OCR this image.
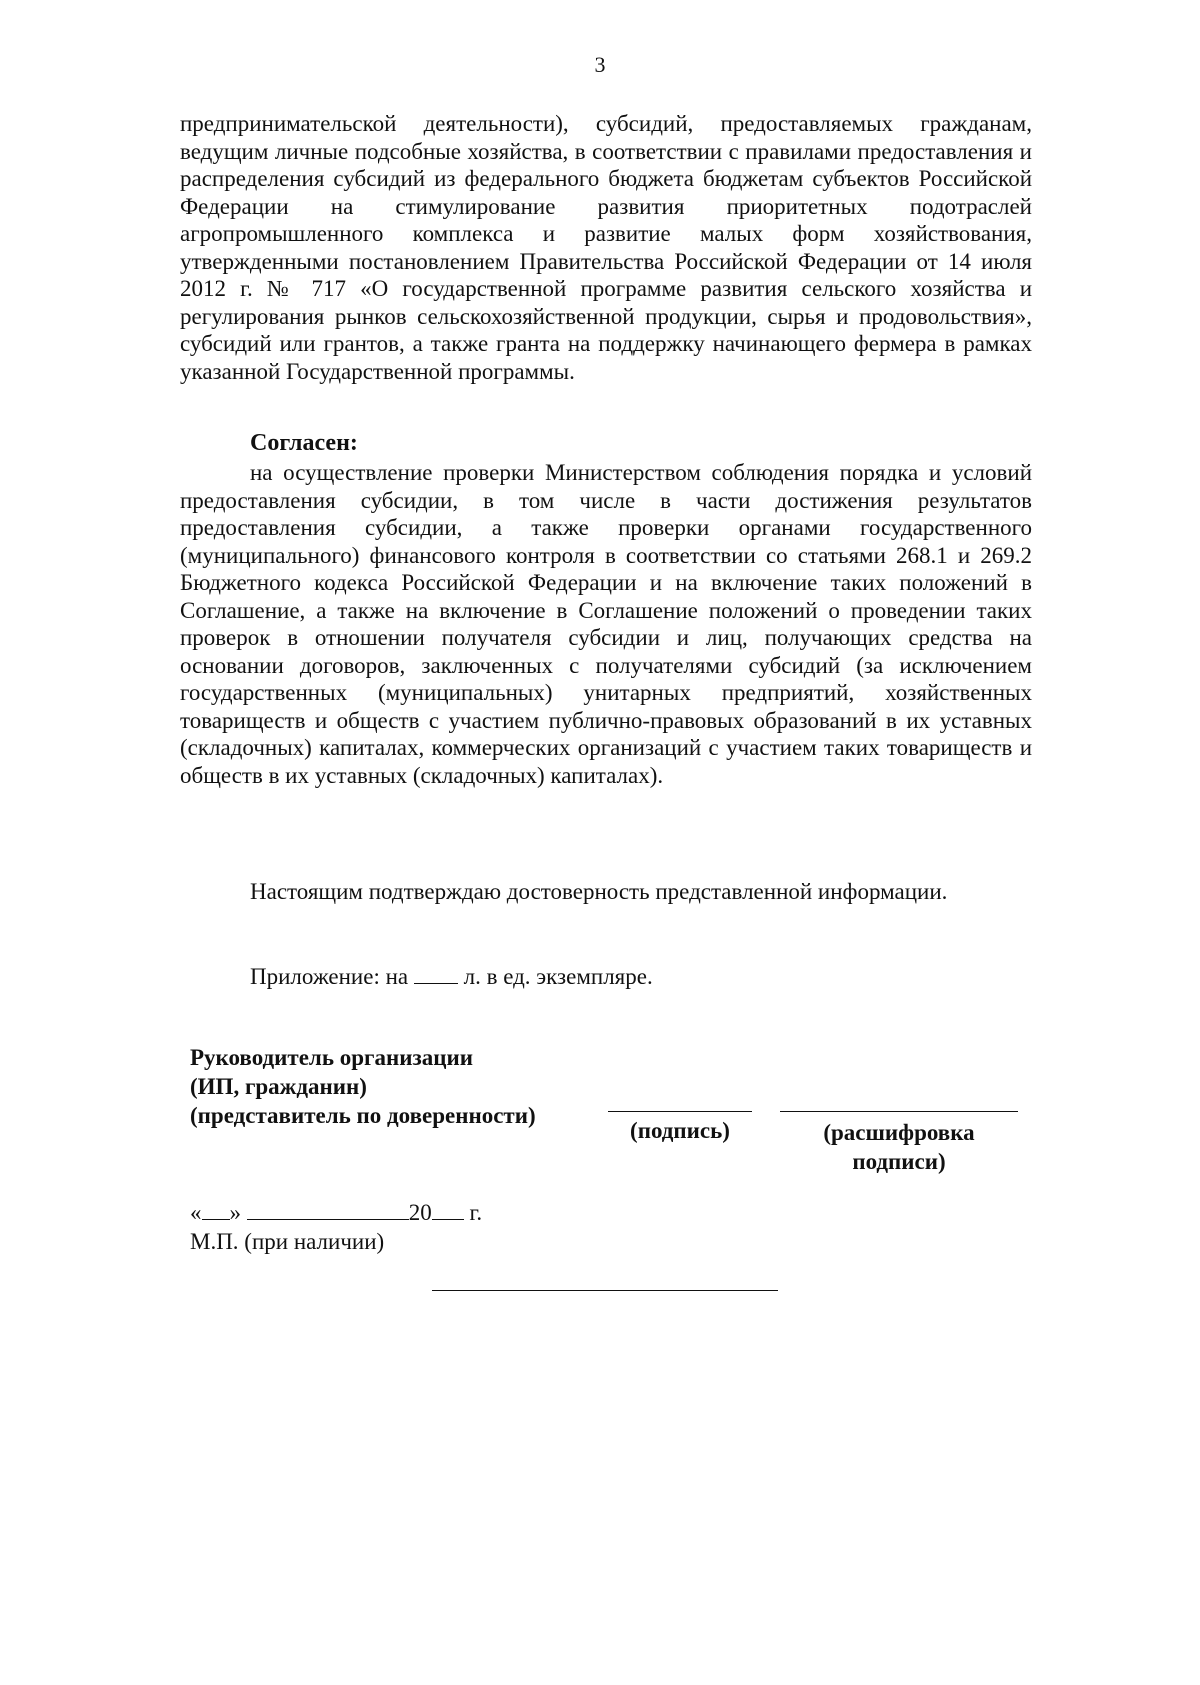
3
предпринимательской деятельности), субсидий, предоставляемых гражданам, ведущим личные подсобные хозяйства, в соответствии с правилами предоставления и распределения субсидий из федерального бюджета бюджетам субъектов Российской Федерации на стимулирование развития приоритетных подотраслей агропромышленного комплекса и развитие малых форм хозяйствования, утвержденными постановлением Правительства Российской Федерации от 14 июля 2012 г. № 717 «О государственной программе развития сельского хозяйства и регулирования рынков сельскохозяйственной продукции, сырья и продовольствия», субсидий или грантов, а также гранта на поддержку начинающего фермера в рамках указанной Государственной программы.
Согласен:
на осуществление проверки Министерством соблюдения порядка и условий предоставления субсидии, в том числе в части достижения результатов предоставления субсидии, а также проверки органами государственного (муниципального) финансового контроля в соответствии со статьями 268.1 и 269.2 Бюджетного кодекса Российской Федерации и на включение таких положений в Соглашение, а также на включение в Соглашение положений о проведении таких проверок в отношении получателя субсидии и лиц, получающих средства на основании договоров, заключенных с получателями субсидий (за исключением государственных (муниципальных) унитарных предприятий, хозяйственных товариществ и обществ с участием публично-правовых образований в их уставных (складочных) капиталах, коммерческих организаций с участием таких товариществ и обществ в их уставных (складочных) капиталах).
Настоящим подтверждаю достоверность представленной информации.
Приложение: на л. в ед. экземпляре.
Руководитель организации
(ИП, гражданин)
(представитель по доверенности)
(подпись)	(расшифровка
подписи)
« »	20 г.
М.П. (при наличии)
